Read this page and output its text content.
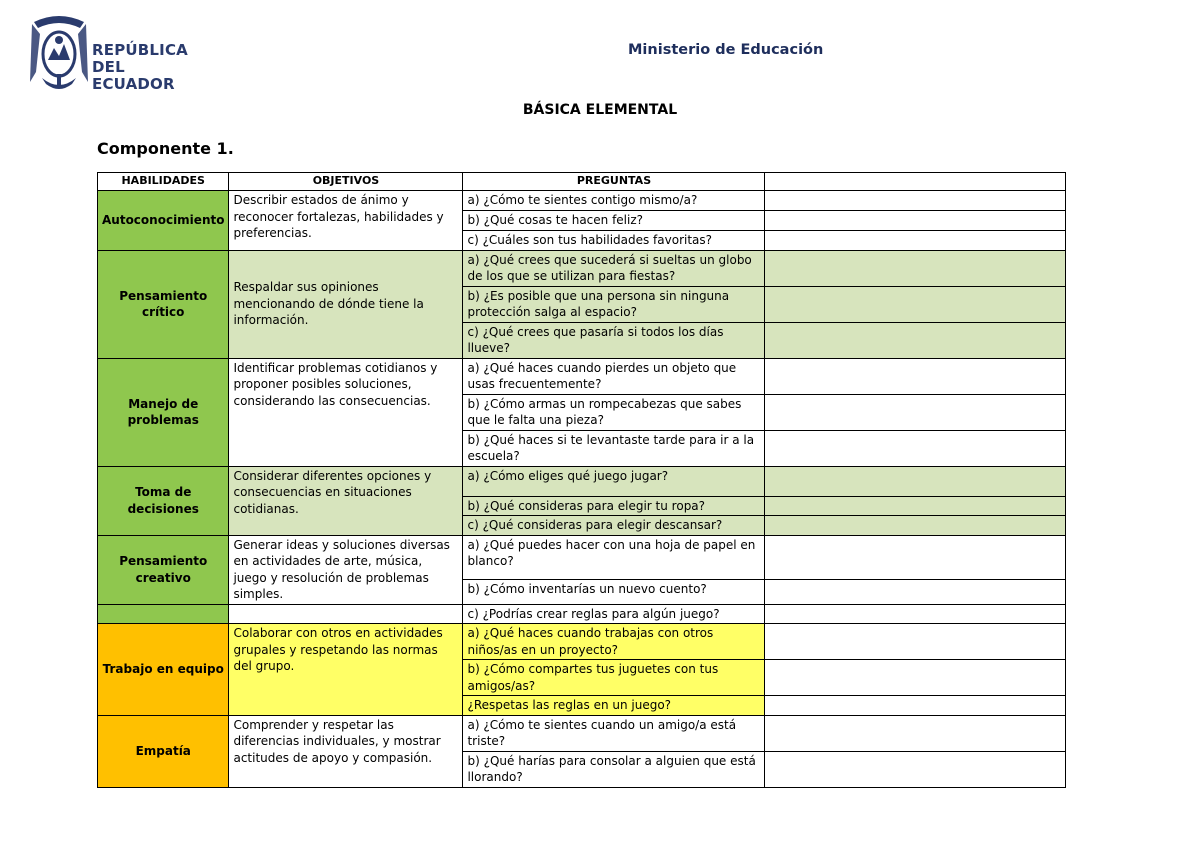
REPÚBLICA
DEL ECUADOR
Ministerio de Educación
BÁSICA ELEMENTAL
Componente 1.
HABILIDADES	OBJETIVOS	PREGUNTAS	
Autoconocimiento	Describir estados de ánimo y reconocer fortalezas, habilidades y preferencias.	a) ¿Cómo te sientes contigo mismo/a?	
		b) ¿Qué cosas te hacen feliz?	
		c) ¿Cuáles son tus habilidades favoritas?	
Pensamiento crítico	Respaldar sus opiniones mencionando de dónde tiene la información.	a) ¿Qué crees que sucederá si sueltas un globo de los que se utilizan para fiestas?	
		b) ¿Es posible que una persona sin ninguna protección salga al espacio?	
		c) ¿Qué crees que pasaría si todos los días llueve?	
Manejo de problemas	Identificar problemas cotidianos y proponer posibles soluciones, considerando las consecuencias.	a) ¿Qué haces cuando pierdes un objeto que usas frecuentemente?	
		b) ¿Cómo armas un rompecabezas que sabes que le falta una pieza?	
		b) ¿Qué haces si te levantaste tarde para ir a la escuela?	
Toma de decisiones	Considerar diferentes opciones y consecuencias en situaciones cotidianas.	a) ¿Cómo eliges qué juego jugar?	
		b) ¿Qué consideras para elegir tu ropa?	
		c) ¿Qué consideras para elegir descansar?	
Pensamiento creativo	Generar ideas y soluciones diversas en actividades de arte, música, juego y resolución de problemas simples.	a) ¿Qué puedes hacer con una hoja de papel en blanco?	
		b) ¿Cómo inventarías un nuevo cuento?	
		c) ¿Podrías crear reglas para algún juego?	
Trabajo en equipo	Colaborar con otros en actividades grupales y respetando las normas del grupo.	a) ¿Qué haces cuando trabajas con otros niños/as en un proyecto?	
		b) ¿Cómo compartes tus juguetes con tus amigos/as?	
		¿Respetas las reglas en un juego?	
Empatía	Comprender y respetar las diferencias individuales, y mostrar actitudes de apoyo y compasión.	a) ¿Cómo te sientes cuando un amigo/a está triste?	
		b) ¿Qué harías para consolar a alguien que está llorando?	
